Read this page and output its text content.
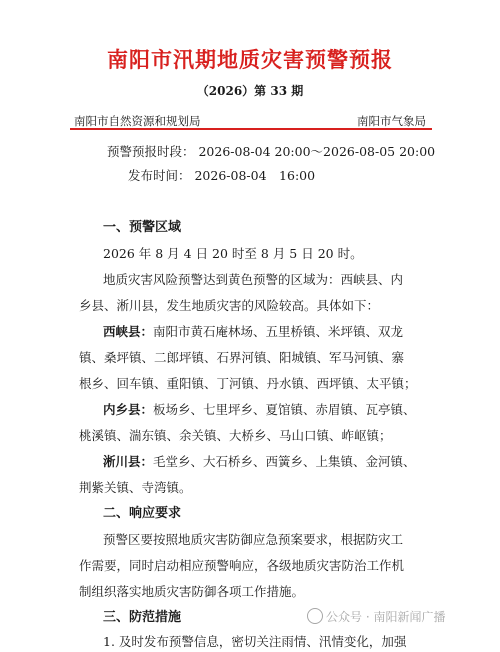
南阳市汛期地质灾害预警预报
（2026）第 33 期
南阳市自然资源和规划局	南阳市气象局
预警预报时段： 2026-08-04 20:00～2026-08-05 20:00
发布时间： 2026-08-04　16:00
一、预警区域
2026 年 8 月 4 日 20 时至 8 月 5 日 20 时。
地质灾害风险预警达到黄色预警的区域为：西峡县、内
乡县、淅川县，发生地质灾害的风险较高。具体如下：
西峡县：南阳市黄石庵林场、五里桥镇、米坪镇、双龙
镇、桑坪镇、二郎坪镇、石界河镇、阳城镇、军马河镇、寨
根乡、回车镇、重阳镇、丁河镇、丹水镇、西坪镇、太平镇；
内乡县：板场乡、七里坪乡、夏馆镇、赤眉镇、瓦亭镇、
桃溪镇、湍东镇、余关镇、大桥乡、马山口镇、岞岖镇；
淅川县：毛堂乡、大石桥乡、西簧乡、上集镇、金河镇、
荆紫关镇、寺湾镇。
二、响应要求
预警区要按照地质灾害防御应急预案要求，根据防灾工
作需要，同时启动相应预警响应，各级地质灾害防治工作机
制组织落实地质灾害防御各项工作措施。
三、防范措施
1. 及时发布预警信息，密切关注雨情、汛情变化，加强
公众号 · 南阳新闻广播
